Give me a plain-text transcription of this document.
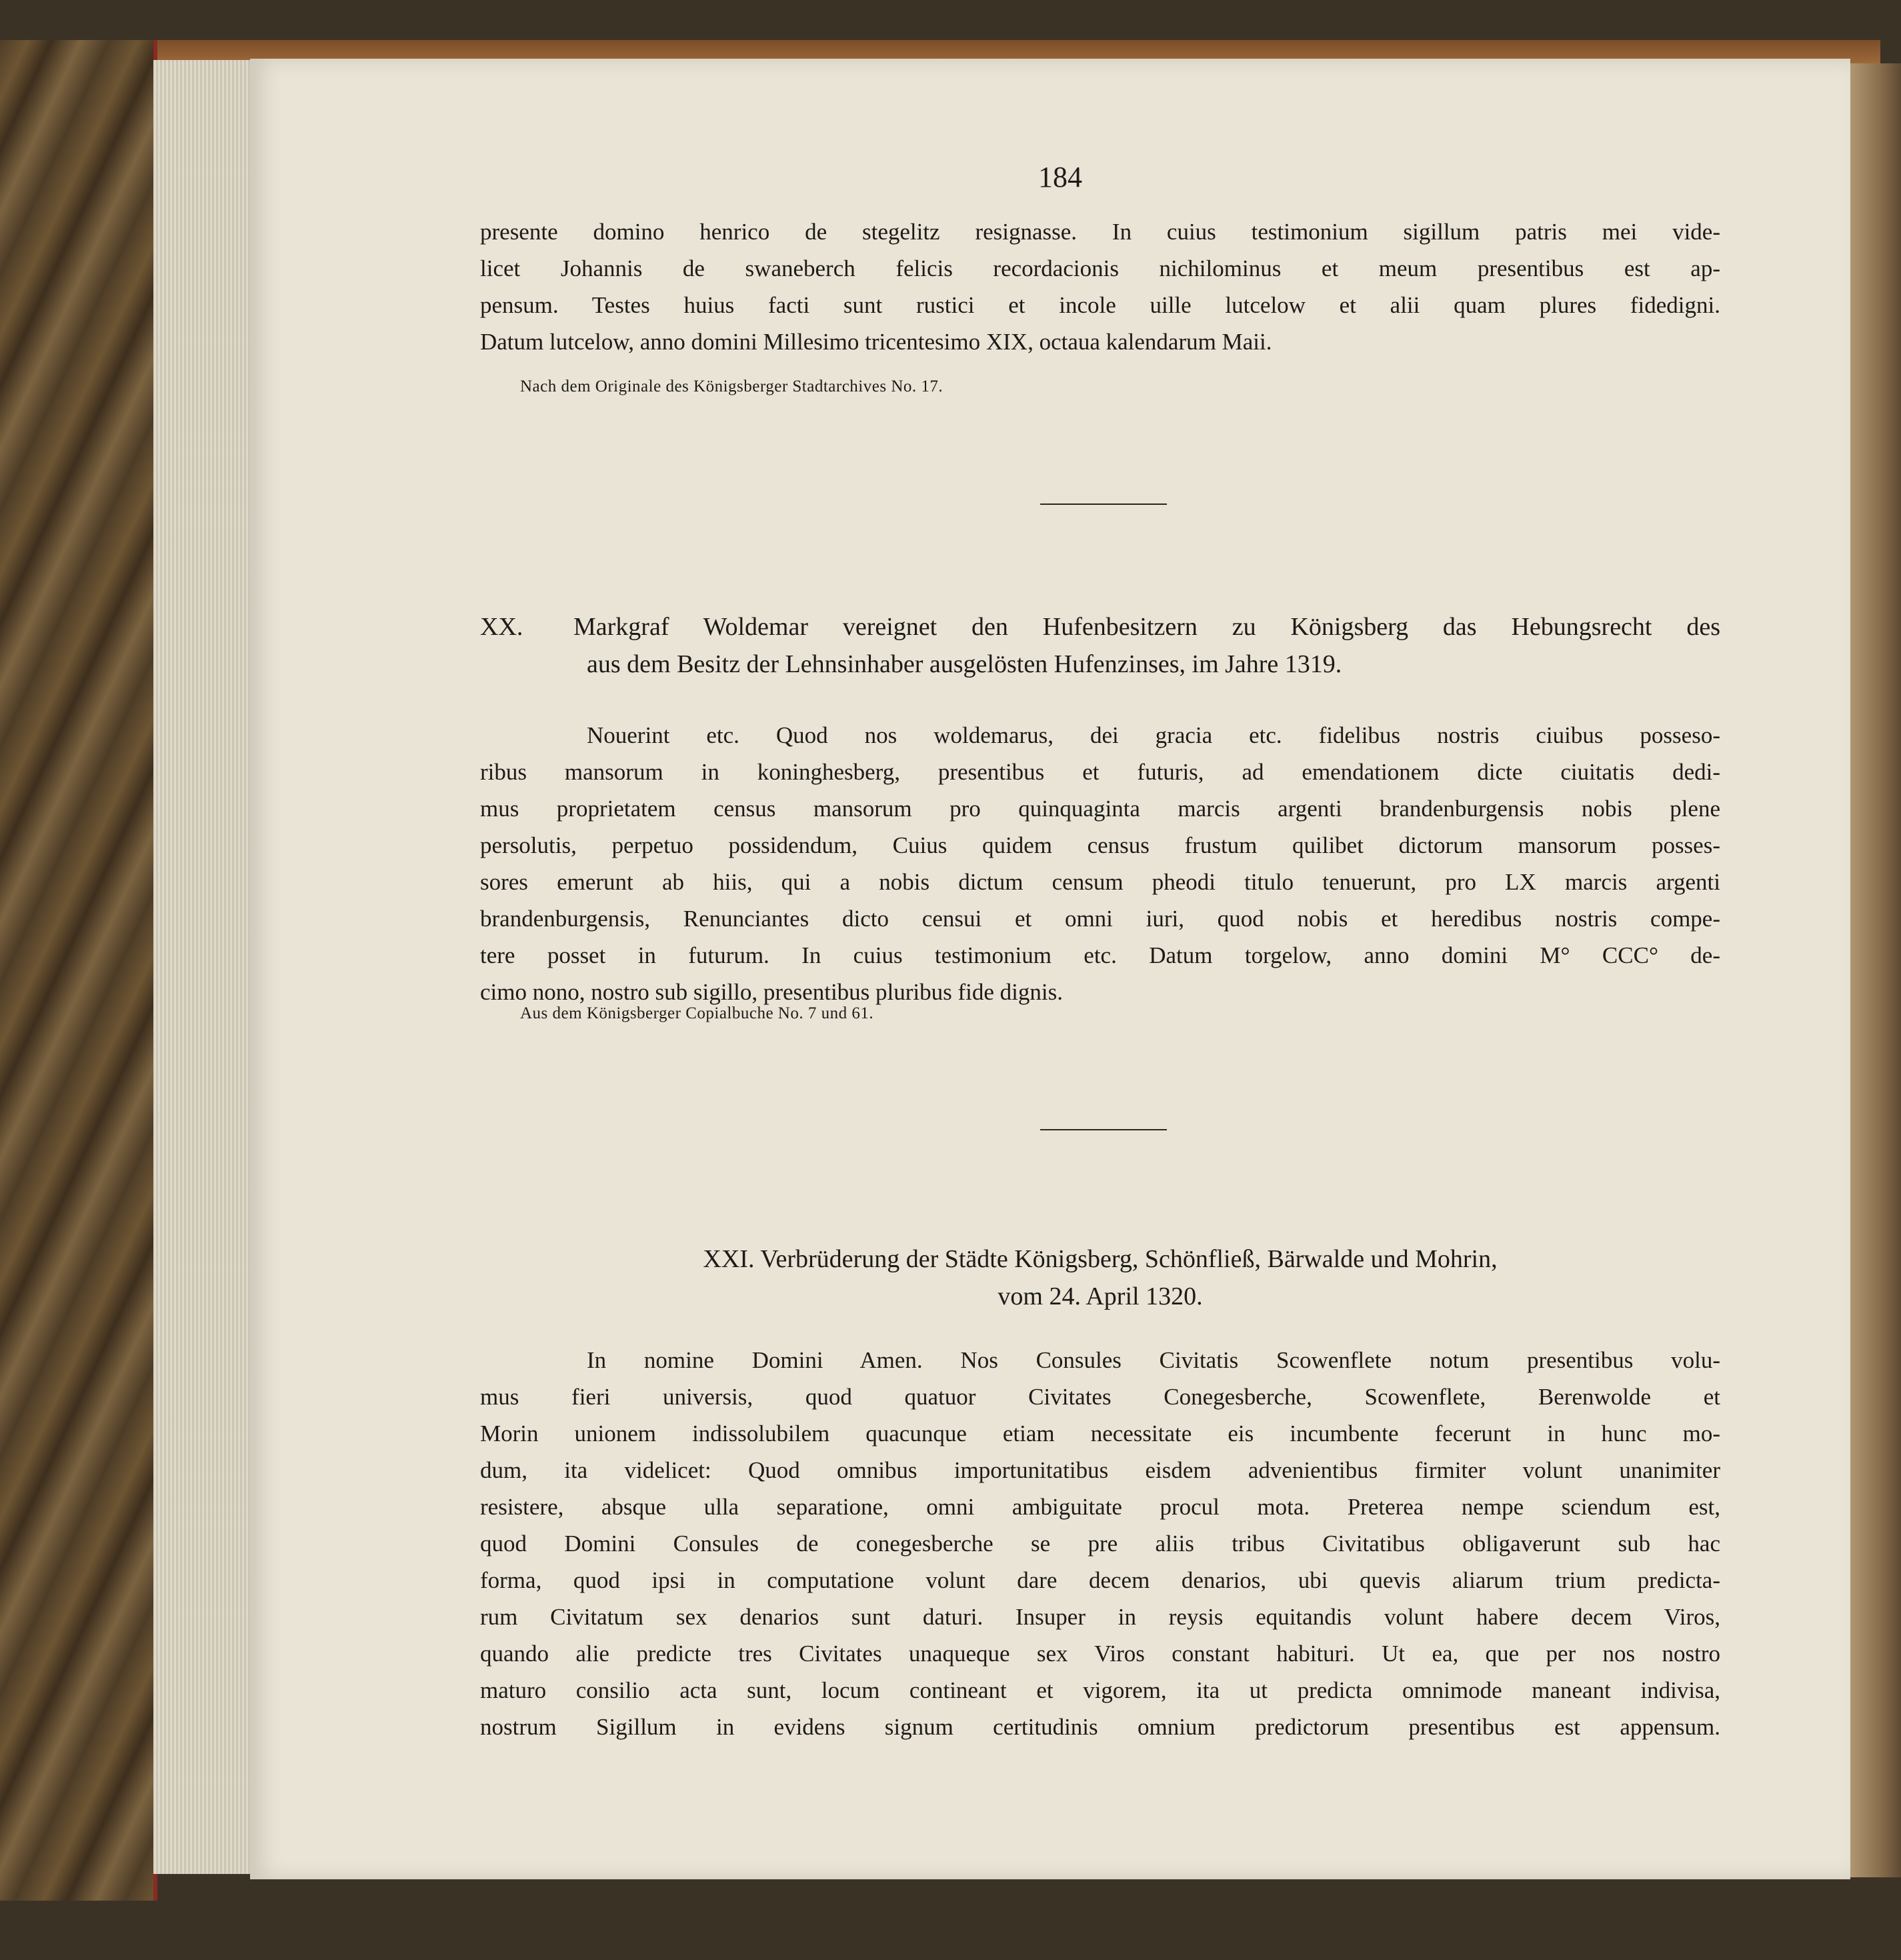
184
presente domino henrico de stegelitz resignasse. In cuius testimonium sigillum patris mei vide-
licet Johannis de swaneberch felicis recordacionis nichilominus et meum presentibus est ap-
pensum. Testes huius facti sunt rustici et incole uille lutcelow et alii quam plures fidedigni.
Datum lutcelow, anno domini Millesimo tricentesimo XIX, octaua kalendarum Maii.
Nach dem Originale des Königsberger Stadtarchives No. 17.
XX. Markgraf Woldemar vereignet den Hufenbesitzern zu Königsberg das Hebungsrecht des
aus dem Besitz der Lehnsinhaber ausgelösten Hufenzinses, im Jahre 1319.
Nouerint etc. Quod nos woldemarus, dei gracia etc. fidelibus nostris ciuibus posseso-
ribus mansorum in koninghesberg, presentibus et futuris, ad emendationem dicte ciuitatis dedi-
mus proprietatem census mansorum pro quinquaginta marcis argenti brandenburgensis nobis plene
persolutis, perpetuo possidendum, Cuius quidem census frustum quilibet dictorum mansorum posses-
sores emerunt ab hiis, qui a nobis dictum censum pheodi titulo tenuerunt, pro LX marcis argenti
brandenburgensis, Renunciantes dicto censui et omni iuri, quod nobis et heredibus nostris compe-
tere posset in futurum. In cuius testimonium etc. Datum torgelow, anno domini M° CCC° de-
cimo nono, nostro sub sigillo, presentibus pluribus fide dignis.
Aus dem Königsberger Copialbuche No. 7 und 61.
XXI. Verbrüderung der Städte Königsberg, Schönfließ, Bärwalde und Mohrin,
vom 24. April 1320.
In nomine Domini Amen. Nos Consules Civitatis Scowenflete notum presentibus volu-
mus fieri universis, quod quatuor Civitates Conegesberche, Scowenflete, Berenwolde et
Morin unionem indissolubilem quacunque etiam necessitate eis incumbente fecerunt in hunc mo-
dum, ita videlicet: Quod omnibus importunitatibus eisdem advenientibus firmiter volunt unanimiter
resistere, absque ulla separatione, omni ambiguitate procul mota. Preterea nempe sciendum est,
quod Domini Consules de conegesberche se pre aliis tribus Civitatibus obligaverunt sub hac
forma, quod ipsi in computatione volunt dare decem denarios, ubi quevis aliarum trium predicta-
rum Civitatum sex denarios sunt daturi. Insuper in reysis equitandis volunt habere decem Viros,
quando alie predicte tres Civitates unaqueque sex Viros constant habituri. Ut ea, que per nos nostro
maturo consilio acta sunt, locum contineant et vigorem, ita ut predicta omnimode maneant indivisa,
nostrum Sigillum in evidens signum certitudinis omnium predictorum presentibus est appensum.
